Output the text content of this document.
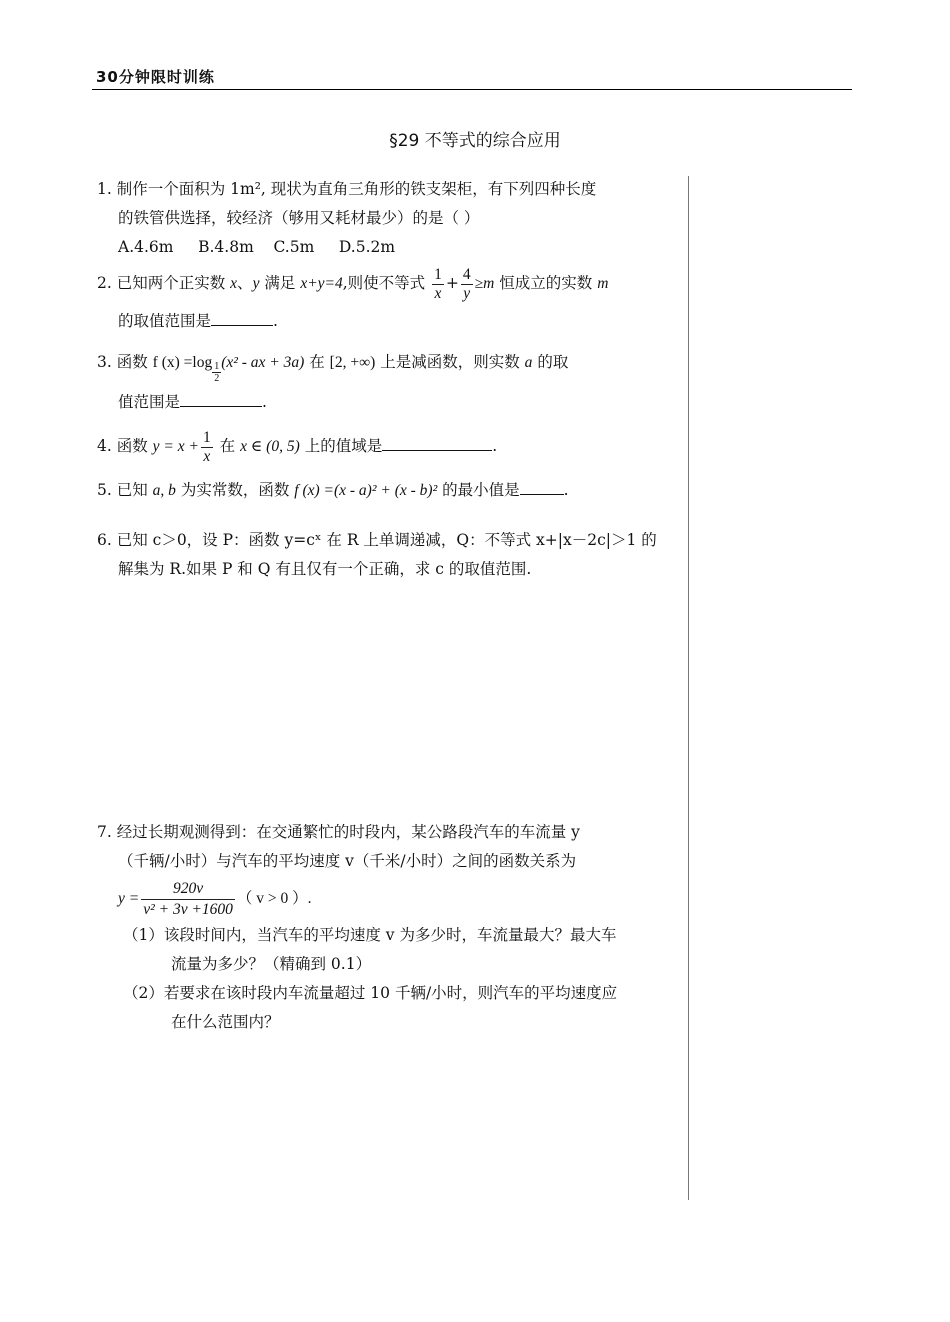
30分钟限时训练
§29 不等式的综合应用
1. 制作一个面积为 1m², 现状为直角三角形的铁支架柜，有下列四种长度
的铁管供选择，较经济（够用又耗材最少）的是（ ）
A.4.6m     B.4.8m    C.5m     D.5.2m
2. 已知两个正实数 x、y 满足 x+y=4,则使不等式 $\frac{1}{x} + \frac{4}{y} \ge m$ 恒成立的实数 m
的取值范围是	.
3. 函数 f $(x) =\log \frac{1}{2} (x^2$ - ax + 3a) 在 [2, +∞) 上是减函数，则实数 a 的取
值范围是	.
4. 函数 $y = x + \frac{1}{x}$ 在 x ∈ (0, 5) 上的值域是	.
5. 已知 a, b 为实常数，函数 f (x) =(x - a)² + (x - b)² 的最小值是	.
6. 已知 c＞0，设 P：函数 y=cˣ 在 R 上单调递减，Q：不等式 x+|x－2c|＞1 的
解集为 R.如果 P 和 Q 有且仅有一个正确，求 c 的取值范围.
7. 经过长期观测得到：在交通繁忙的时段内，某公路段汽车的车流量 y
（千辆/小时）与汽车的平均速度 v（千米/小时）之间的函数关系为
$y = \frac{920v}{\text{v² + 3v +1600}}$ （ v > 0 ）.
（1）该段时间内，当汽车的平均速度 v 为多少时，车流量最大？最大车
流量为多少？（精确到 0.1）
（2）若要求在该时段内车流量超过 10 千辆/小时，则汽车的平均速度应
在什么范围内？
